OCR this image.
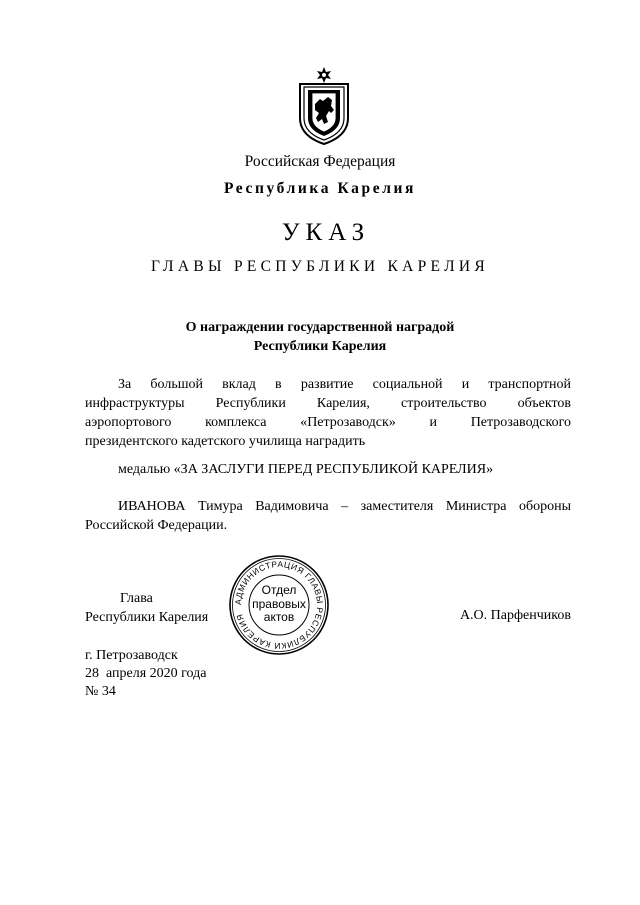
Российская Федерация
Республика Карелия
УКАЗ
ГЛАВЫ РЕСПУБЛИКИ КАРЕЛИЯ
О награждении государственной наградой
Республики Карелия
За большой вклад в развитие социальной и транспортной
инфраструктуры Республики Карелия, строительство объектов
аэропортового комплекса «Петрозаводск» и Петрозаводского
президентского кадетского училища наградить
медалью «ЗА ЗАСЛУГИ ПЕРЕД РЕСПУБЛИКОЙ КАРЕЛИЯ»
ИВАНОВА Тимура Вадимовича – заместителя Министра обороны
Российской Федерации.
Глава
Республики Карелия
АДМИНИСТРАЦИЯ ГЛАВЫ РЕСПУБЛИКИ КАРЕЛИЯ
Отдел
правовых
актов	А.О. Парфенчиков
г. Петрозаводск
28  апреля 2020 года
№ 34
